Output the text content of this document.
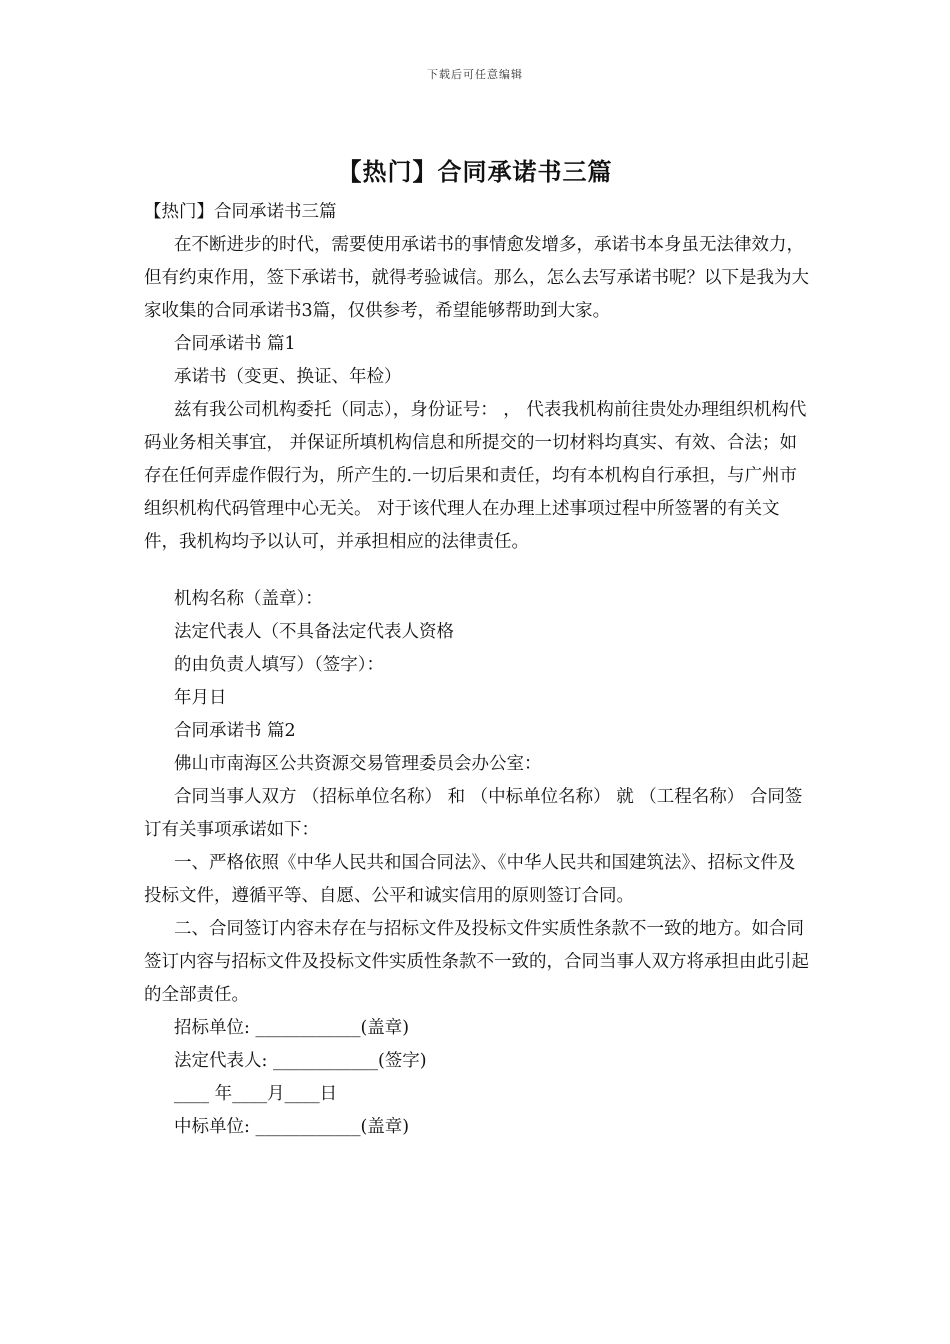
下载后可任意编辑
【热门】合同承诺书三篇

【热门】合同承诺书三篇

在不断进步的时代，需要使用承诺书的事情愈发增多，承诺书本身虽无法律效力，但有约束作用，签下承诺书，就得考验诚信。那么，怎么去写承诺书呢？以下是我为大家收集的合同承诺书3篇，仅供参考，希望能够帮助到大家。

合同承诺书 篇1

承诺书（变更、换证、年检）

兹有我公司机构委托（同志），身份证号： ， 代表我机构前往贵处办理组织机构代码业务相关事宜， 并保证所填机构信息和所提交的一切材料均真实、有效、合法；如存在任何弄虚作假行为，所产生的.一切后果和责任，均有本机构自行承担，与广州市组织机构代码管理中心无关。 对于该代理人在办理上述事项过程中所签署的有关文件，我机构均予以认可，并承担相应的法律责任。

机构名称（盖章）：

法定代表人（不具备法定代表人资格

的由负责人填写）（签字）：

年月日

合同承诺书 篇2

佛山市南海区公共资源交易管理委员会办公室：

合同当事人双方 （招标单位名称） 和 （中标单位名称） 就 （工程名称） 合同签订有关事项承诺如下：

一、严格依照《中华人民共和国合同法》、《中华人民共和国建筑法》、招标文件及投标文件，遵循平等、自愿、公平和诚实信用的原则签订合同。

二、合同签订内容未存在与招标文件及投标文件实质性条款不一致的地方。如合同签订内容与招标文件及投标文件实质性条款不一致的，合同当事人双方将承担由此引起的全部责任。

招标单位: ____________(盖章)

法定代表人: ____________(签字)

____ 年____月____日

中标单位: ____________(盖章)
